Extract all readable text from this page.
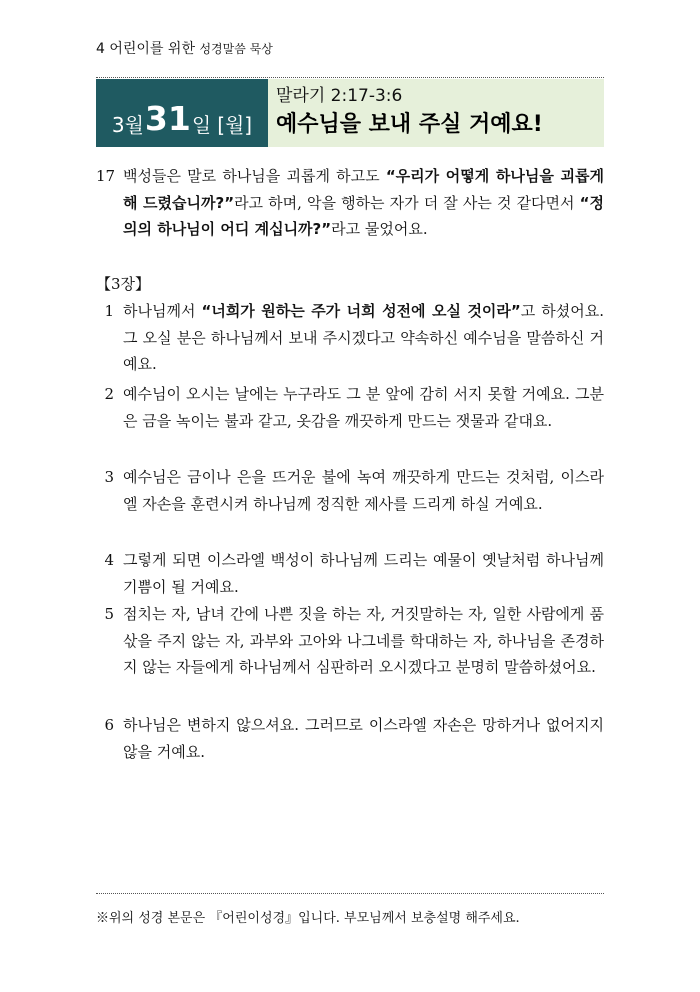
4 어린이를 위한 성경말씀 묵상
3월 31 일 [월]
말라기 2:17-3:6
예수님을 보내 주실 거예요!
17 백성들은 말로 하나님을 괴롭게 하고도 “우리가 어떻게 하나님을 괴롭게 해 드렸습니까?”라고 하며, 악을 행하는 자가 더 잘 사는 것 같다면서 “정의의 하나님이 어디 계십니까?”라고 물었어요.
【3장】
1 하나님께서 “너희가 원하는 주가 너희 성전에 오실 것이라”고 하셨어요. 그 오실 분은 하나님께서 보내 주시겠다고 약속하신 예수님을 말씀하신 거예요.
2 예수님이 오시는 날에는 누구라도 그 분 앞에 감히 서지 못할 거예요. 그분은 금을 녹이는 불과 같고, 옷감을 깨끗하게 만드는 잿물과 같대요.
3 예수님은 금이나 은을 뜨거운 불에 녹여 깨끗하게 만드는 것처럼, 이스라엘 자손을 훈련시켜 하나님께 정직한 제사를 드리게 하실 거예요.
4 그렇게 되면 이스라엘 백성이 하나님께 드리는 예물이 옛날처럼 하나님께 기쁨이 될 거예요.
5 점치는 자, 남녀 간에 나쁜 짓을 하는 자, 거짓말하는 자, 일한 사람에게 품삯을 주지 않는 자, 과부와 고아와 나그네를 학대하는 자, 하나님을 존경하지 않는 자들에게 하나님께서 심판하러 오시겠다고 분명히 말씀하셨어요.
6 하나님은 변하지 않으셔요. 그러므로 이스라엘 자손은 망하거나 없어지지 않을 거예요.
※위의 성경 본문은 『어린이성경』입니다. 부모님께서 보충설명 해주세요.
